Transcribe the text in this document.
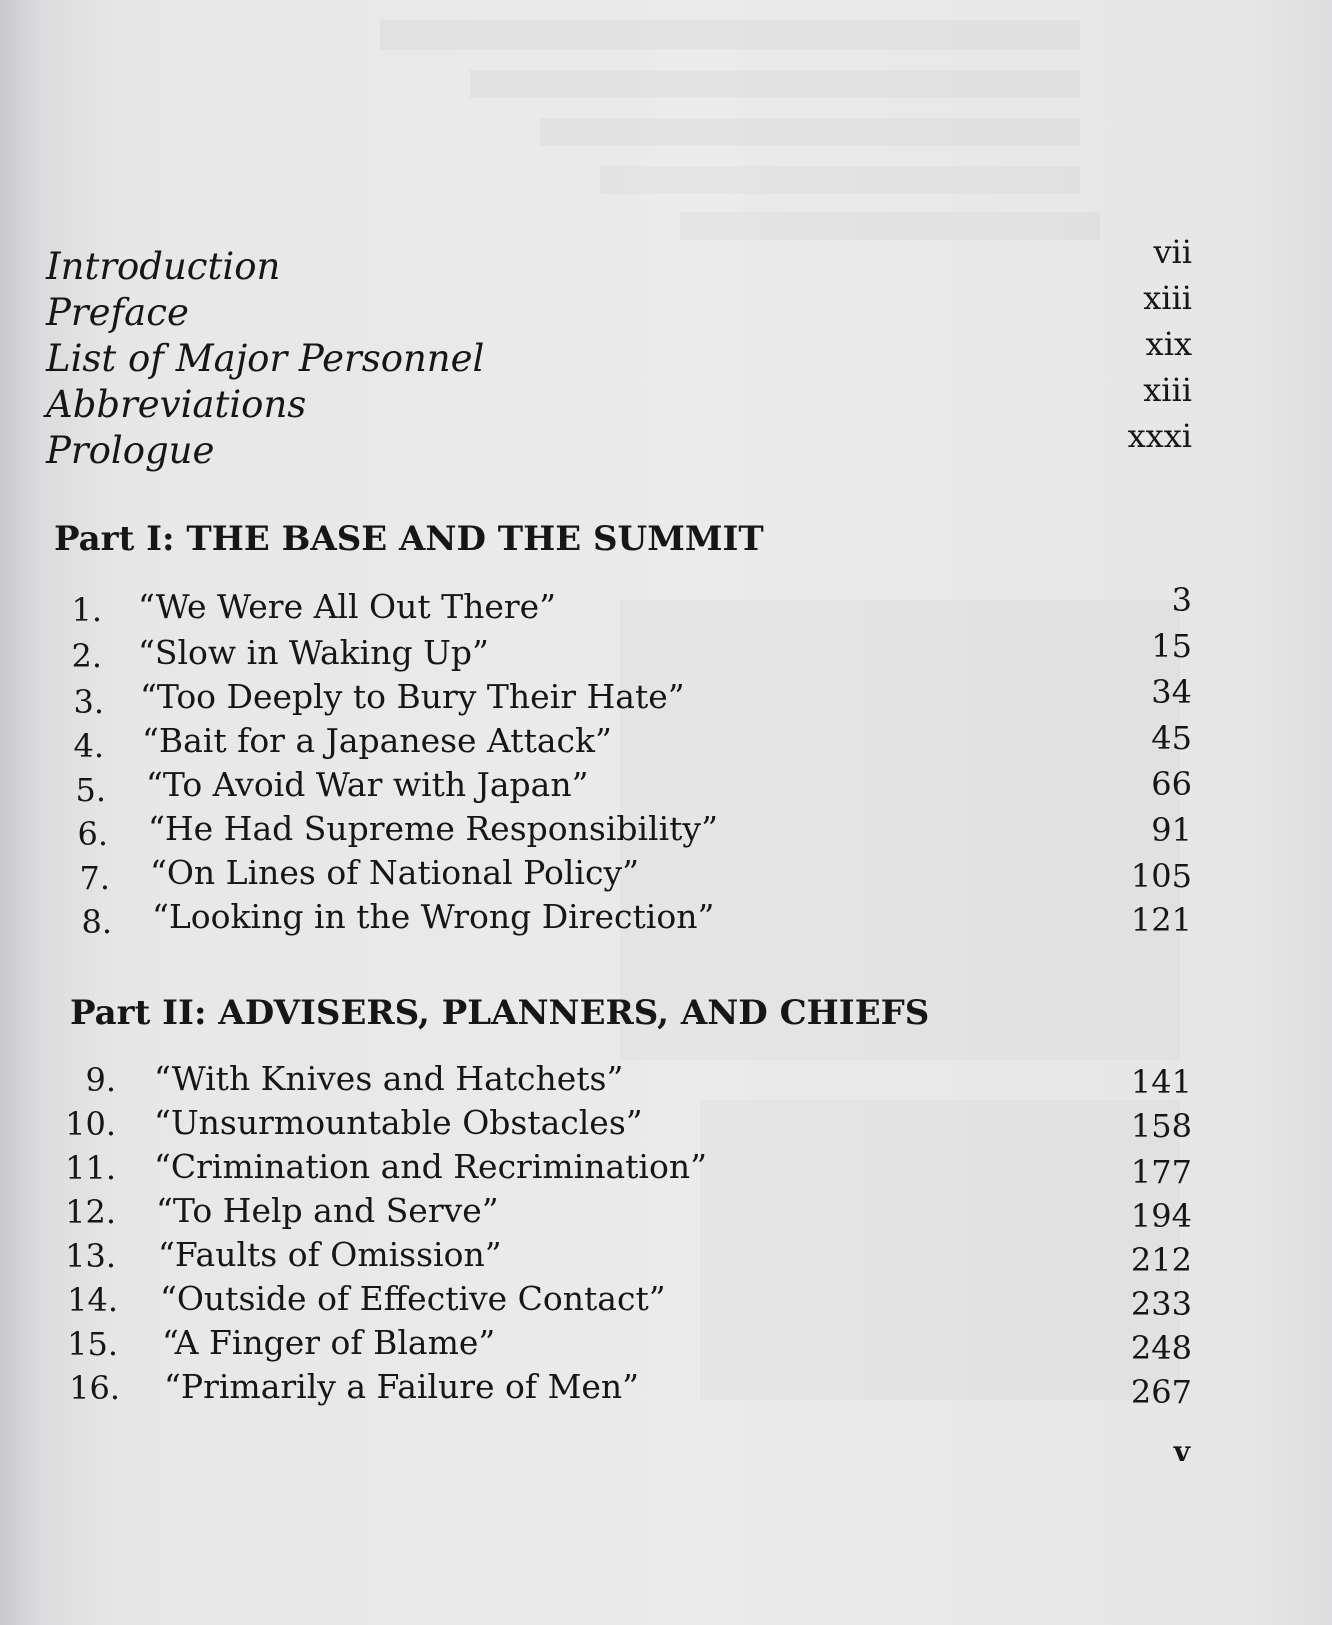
Introduction	vii
Preface	xiii
List of Major Personnel	xix
Abbreviations	xiii
Prologue	xxxi
Part I: THE BASE AND THE SUMMIT
1. “We Were All Out There”	3
2. “Slow in Waking Up”	15
3. “Too Deeply to Bury Their Hate”	34
4. “Bait for a Japanese Attack”	45
5. “To Avoid War with Japan”	66
6. “He Had Supreme Responsibility”	91
7. “On Lines of National Policy”	105
8. “Looking in the Wrong Direction”	121
Part II: ADVISERS, PLANNERS, AND CHIEFS
9. “With Knives and Hatchets”	141
10. “Unsurmountable Obstacles”	158
11. “Crimination and Recrimination”	177
12. “To Help and Serve”	194
13. “Faults of Omission”	212
14. “Outside of Effective Contact”	233
15. “A Finger of Blame”	248
16. “Primarily a Failure of Men”	267
v
